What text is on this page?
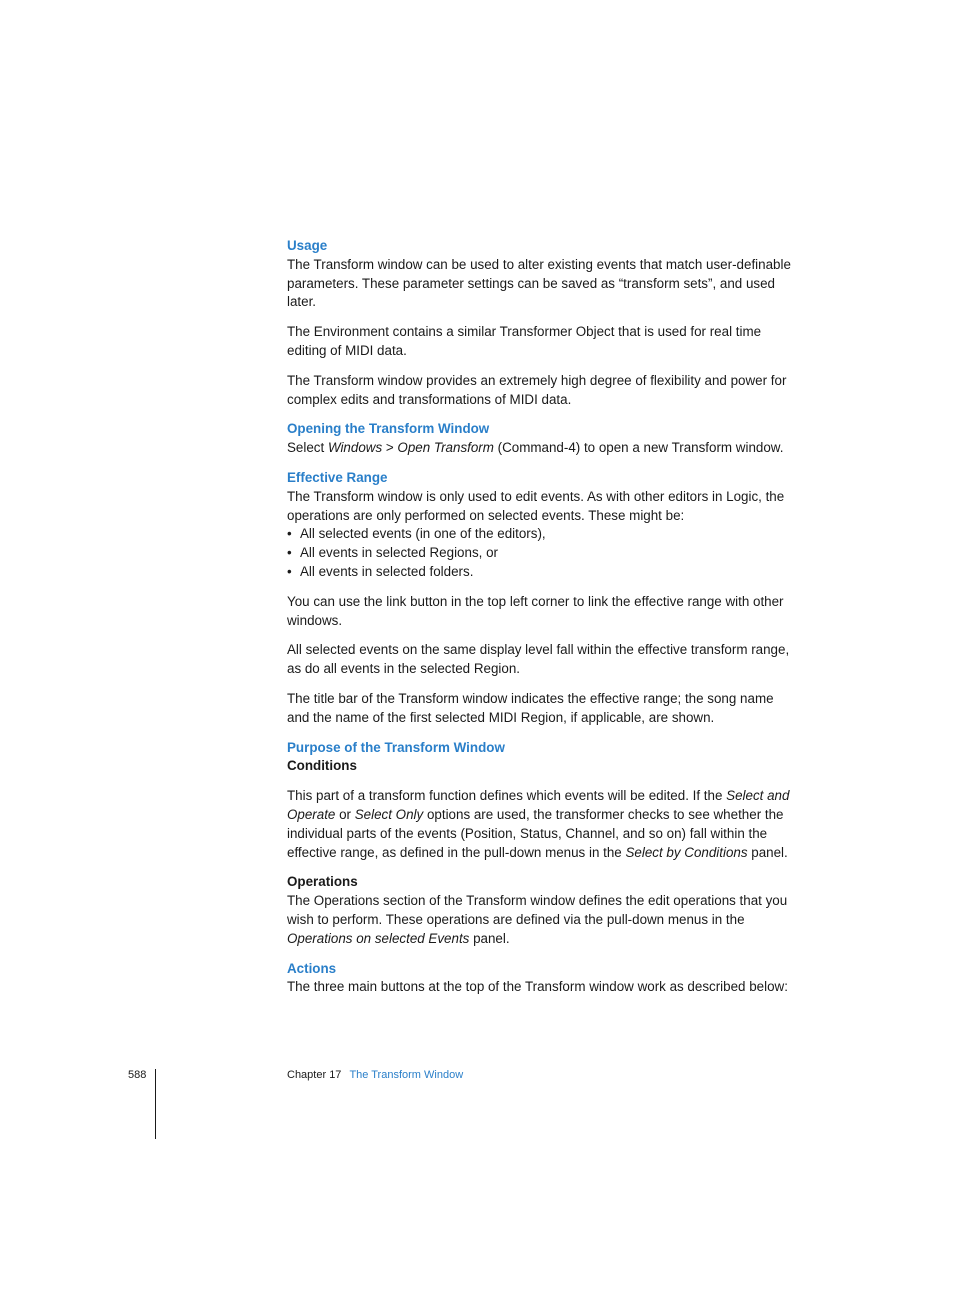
Usage

The Transform window can be used to alter existing events that match user-definable parameters. These parameter settings can be saved as “transform sets”, and used later.

The Environment contains a similar Transformer Object that is used for real time editing of MIDI data.

The Transform window provides an extremely high degree of flexibility and power for complex edits and transformations of MIDI data.

Opening the Transform Window

Select Windows > Open Transform (Command-4) to open a new Transform window.

Effective Range

The Transform window is only used to edit events. As with other editors in Logic, the operations are only performed on selected events. These might be:

• All selected events (in one of the editors),
• All events in selected Regions, or
• All events in selected folders.

You can use the link button in the top left corner to link the effective range with other windows.

All selected events on the same display level fall within the effective transform range, as do all events in the selected Region.

The title bar of the Transform window indicates the effective range; the song name and the name of the first selected MIDI Region, if applicable, are shown.

Purpose of the Transform Window
Conditions

This part of a transform function defines which events will be edited. If the Select and Operate or Select Only options are used, the transformer checks to see whether the individual parts of the events (Position, Status, Channel, and so on) fall within the effective range, as defined in the pull-down menus in the Select by Conditions panel.

Operations

The Operations section of the Transform window defines the edit operations that you wish to perform. These operations are defined via the pull-down menus in the Operations on selected Events panel.

Actions

The three main buttons at the top of the Transform window work as described below:

588	Chapter 17 The Transform Window
